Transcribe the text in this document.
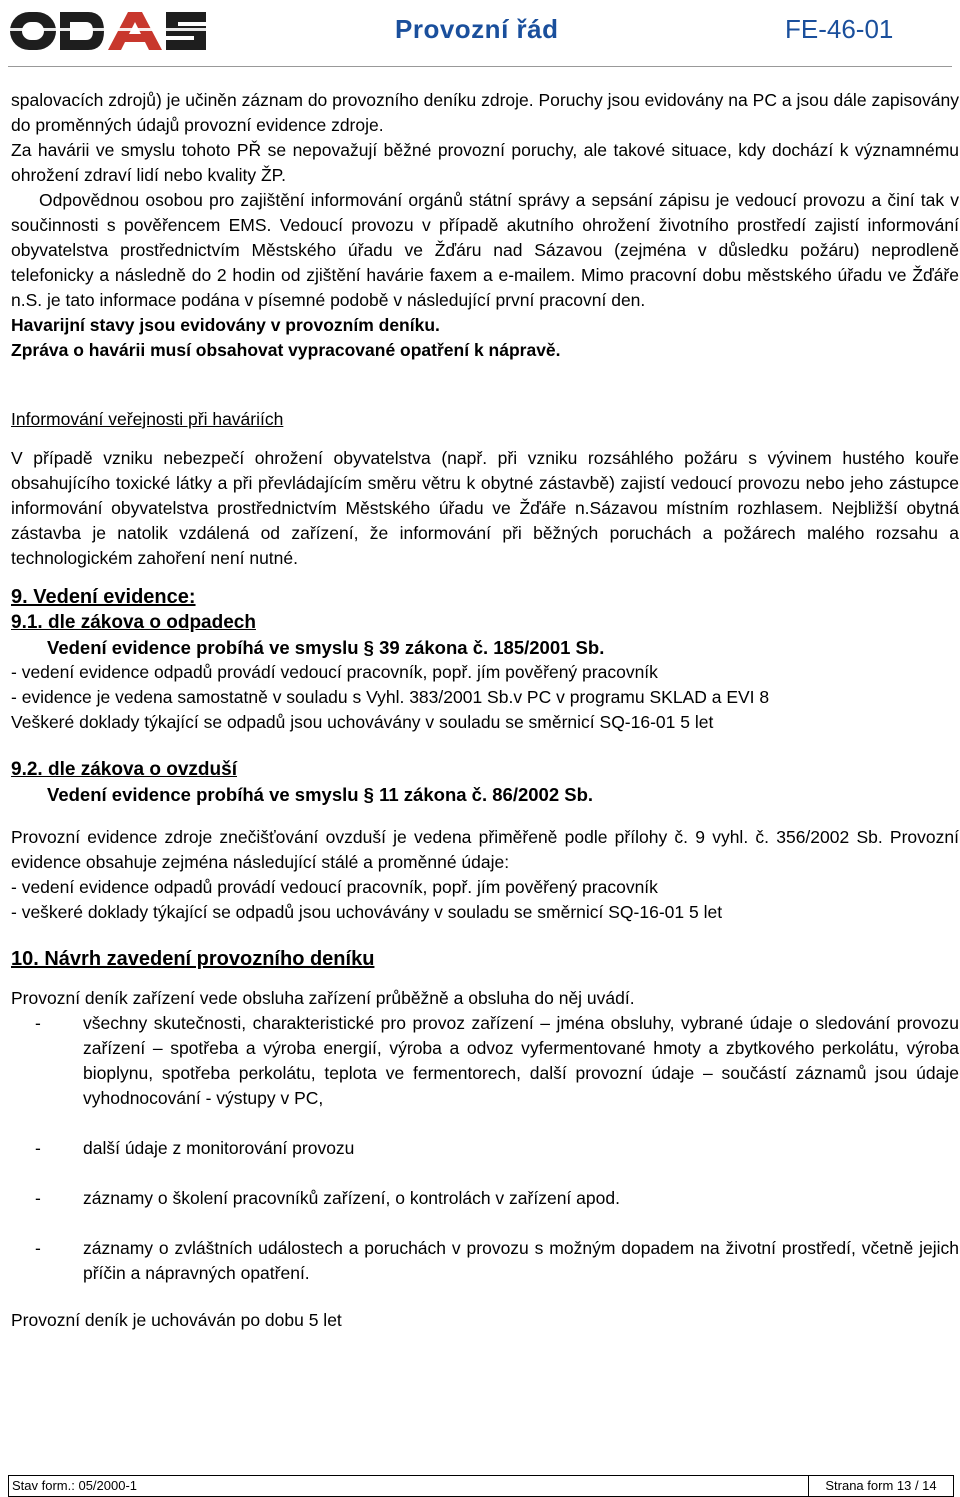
Provozní řád	FE-46-01

spalovacích zdrojů) je učiněn záznam do provozního deníku zdroje. Poruchy jsou evidovány na PC a jsou dále zapisovány do proměnných údajů provozní evidence zdroje.

Za havárii ve smyslu tohoto PŘ se nepovažují běžné provozní poruchy, ale takové situace, kdy dochází k významnému ohrožení zdraví lidí nebo kvality ŽP.

Odpovědnou osobou pro zajištění informování orgánů státní správy a sepsání zápisu je vedoucí provozu a činí tak v součinnosti s pověřencem EMS. Vedoucí provozu v případě akutního ohrožení životního prostředí zajistí informování obyvatelstva prostřednictvím Městského úřadu ve Žďáru nad Sázavou (zejména v důsledku požáru) neprodleně telefonicky a následně do 2 hodin od zjištění havárie faxem a e-mailem. Mimo pracovní dobu městského úřadu ve Žďáře n.S. je tato informace podána v písemné podobě v následující první pracovní den.

Havarijní stavy jsou evidovány v provozním deníku.

Zpráva o havárii musí obsahovat vypracované opatření k nápravě.

Informování veřejnosti při haváriích

V případě vzniku nebezpečí ohrožení obyvatelstva (např. při vzniku rozsáhlého požáru s vývinem hustého kouře obsahujícího toxické látky a při převládajícím směru větru k obytné zástavbě) zajistí vedoucí provozu nebo jeho zástupce informování obyvatelstva prostřednictvím Městského úřadu ve Žďáře n.Sázavou místním rozhlasem. Nejbližší obytná zástavba je natolik vzdálená od zařízení, že informování při běžných poruchách a požárech malého rozsahu a technologickém zahoření není nutné.

9. Vedení evidence:

9.1. dle zákova o odpadech

Vedení evidence probíhá ve smyslu § 39 zákona č. 185/2001 Sb.

- vedení evidence odpadů provádí vedoucí pracovník, popř. jím pověřený pracovník

- evidence je vedena samostatně v souladu s Vyhl. 383/2001 Sb.v PC v programu SKLAD a EVI 8

Veškeré doklady týkající se odpadů jsou uchovávány v souladu se směrnicí SQ-16-01 5 let

9.2. dle zákova o ovzduší

Vedení evidence probíhá ve smyslu § 11 zákona č. 86/2002 Sb.

Provozní evidence zdroje znečišťování ovzduší je vedena přiměřeně podle přílohy č. 9 vyhl. č. 356/2002 Sb. Provozní evidence obsahuje zejména následující stálé a proměnné údaje:

- vedení evidence odpadů provádí vedoucí pracovník, popř. jím pověřený pracovník

- veškeré doklady týkající se odpadů jsou uchovávány v souladu se směrnicí SQ-16-01 5 let

10. Návrh zavedení provozního deníku

Provozní deník zařízení vede obsluha zařízení průběžně a obsluha do něj uvádí.

- všechny skutečnosti, charakteristické pro provoz zařízení – jména obsluhy, vybrané údaje o sledování provozu zařízení – spotřeba a výroba energií, výroba a odvoz vyfermentované hmoty a zbytkového perkolátu, výroba bioplynu, spotřeba perkolátu, teplota ve fermentorech, další provozní údaje – součástí záznamů jsou údaje vyhodnocování - výstupy v PC,
- další údaje z monitorování provozu
- záznamy o školení pracovníků zařízení, o kontrolách v zařízení apod.
- záznamy o zvláštních událostech a poruchách v provozu s možným dopadem na životní prostředí, včetně jejich příčin a nápravných opatření.

Provozní deník je uchováván po dobu 5 let

Stav form.: 05/2000-1	Strana form 13 / 14
